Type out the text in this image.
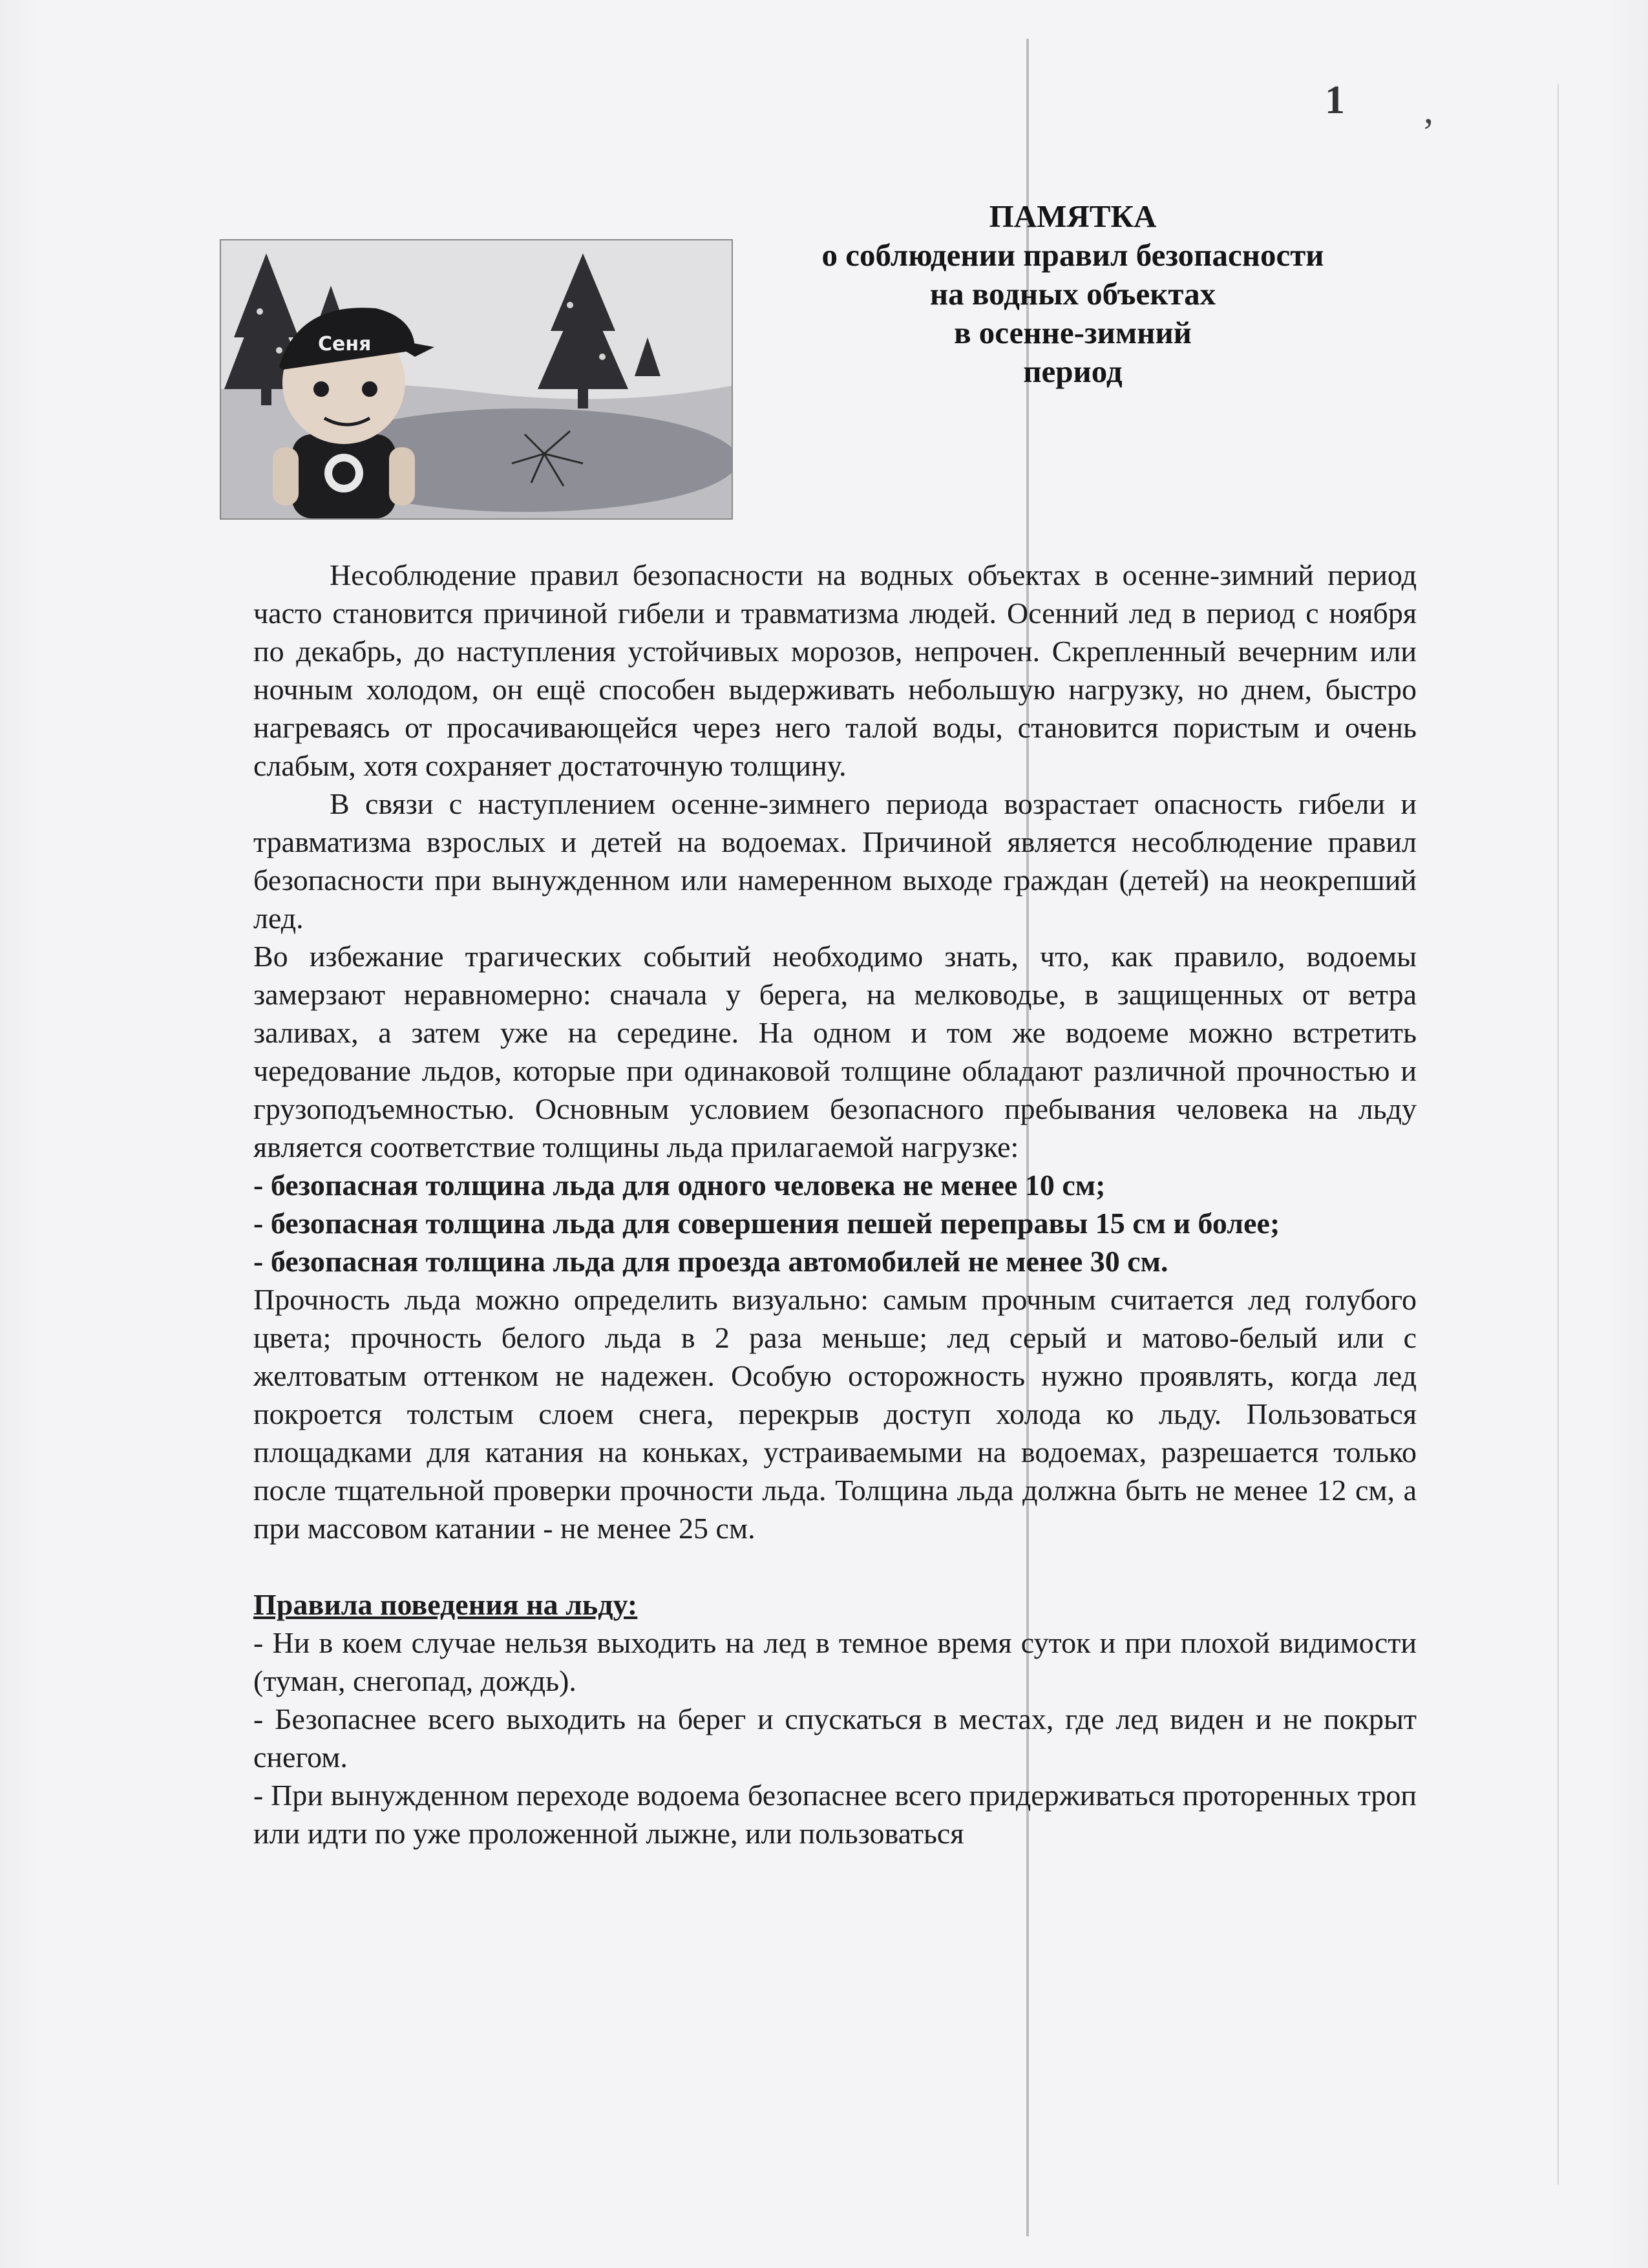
1
ʼ
Сеня
ПАМЯТКА
о соблюдении правил безопасности
на водных объектах
в осенне-зимний
период

Несоблюдение правил безопасности на водных объектах в осенне-зимний период часто становится причиной гибели и травматизма людей. Осенний лед в период с ноября по декабрь, до наступления устойчивых морозов, непрочен. Скрепленный вечерним или ночным холодом, он ещё способен выдерживать небольшую нагрузку, но днем, быстро нагреваясь от просачивающейся через него талой воды, становится пористым и очень слабым, хотя сохраняет достаточную толщину.

В связи с наступлением осенне-зимнего периода возрастает опасность гибели и травматизма взрослых и детей на водоемах. Причиной является несоблюдение правил безопасности при вынужденном или намеренном выходе граждан (детей) на неокрепший лед.

Во избежание трагических событий необходимо знать, что, как правило, водоемы замерзают неравномерно: сначала у берега, на мелководье, в защищенных от ветра заливах, а затем уже на середине. На одном и том же водоеме можно встретить чередование льдов, которые при одинаковой толщине обладают различной прочностью и грузоподъемностью. Основным условием безопасного пребывания человека на льду является соответствие толщины льда прилагаемой нагрузке:

- безопасная толщина льда для одного человека не менее 10 см;

- безопасная толщина льда для совершения пешей переправы 15 см и более;

- безопасная толщина льда для проезда автомобилей не менее 30 см.

Прочность льда можно определить визуально: самым прочным считается лед голубого цвета; прочность белого льда в 2 раза меньше; лед серый и матово-белый или с желтоватым оттенком не надежен. Особую осторожность нужно проявлять, когда лед покроется толстым слоем снега, перекрыв доступ холода ко льду. Пользоваться площадками для катания на коньках, устраиваемыми на водоемах, разрешается только после тщательной проверки прочности льда. Толщина льда должна быть не менее 12 см, а при массовом катании - не менее 25 см.

Правила поведения на льду:

- Ни в коем случае нельзя выходить на лед в темное время суток и при плохой видимости (туман, снегопад, дождь).

- Безопаснее всего выходить на берег и спускаться в местах, где лед виден и не покрыт снегом.

- При вынужденном переходе водоема безопаснее всего придерживаться проторенных троп или идти по уже проложенной лыжне, или пользоваться
